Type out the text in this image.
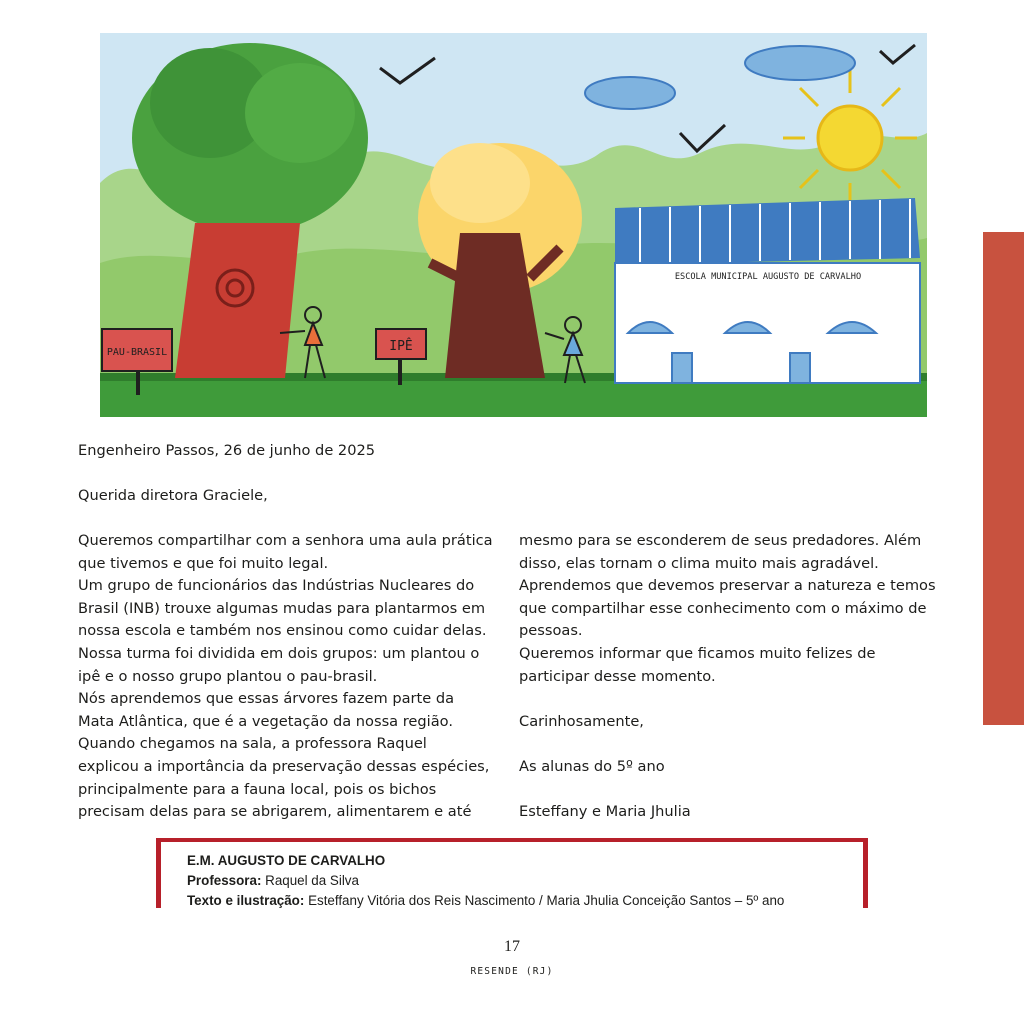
PAU-BRASIL	IPÊ
ESCOLA MUNICIPAL AUGUSTO DE CARVALHO
Engenheiro Passos, 26 de junho de 2025
Querida diretora Graciele,

Queremos compartilhar com a senhora uma aula prática

que tivemos e que foi muito legal.

Um grupo de funcionários das Indústrias Nucleares do

Brasil (INB) trouxe algumas mudas para plantarmos em

nossa escola e também nos ensinou como cuidar delas.

Nossa turma foi dividida em dois grupos: um plantou o

ipê e o nosso grupo plantou o pau-brasil.

Nós aprendemos que essas árvores fazem parte da

Mata Atlântica, que é a vegetação da nossa região.

Quando chegamos na sala, a professora Raquel

explicou a importância da preservação dessas espécies,

principalmente para a fauna local, pois os bichos

precisam delas para se abrigarem, alimentarem e até

mesmo para se esconderem de seus predadores. Além

disso, elas tornam o clima muito mais agradável.

Aprendemos que devemos preservar a natureza e temos

que compartilhar esse conhecimento com o máximo de

pessoas.

Queremos informar que ficamos muito felizes de

participar desse momento.

Carinhosamente,

As alunas do 5º ano

Esteffany e Maria Jhulia

E.M. AUGUSTO DE CARVALHO
Professora: Raquel da Silva
Texto e ilustração: Esteffany Vitória dos Reis Nascimento / Maria Jhulia Conceição Santos – 5º ano
17
RESENDE (RJ)
